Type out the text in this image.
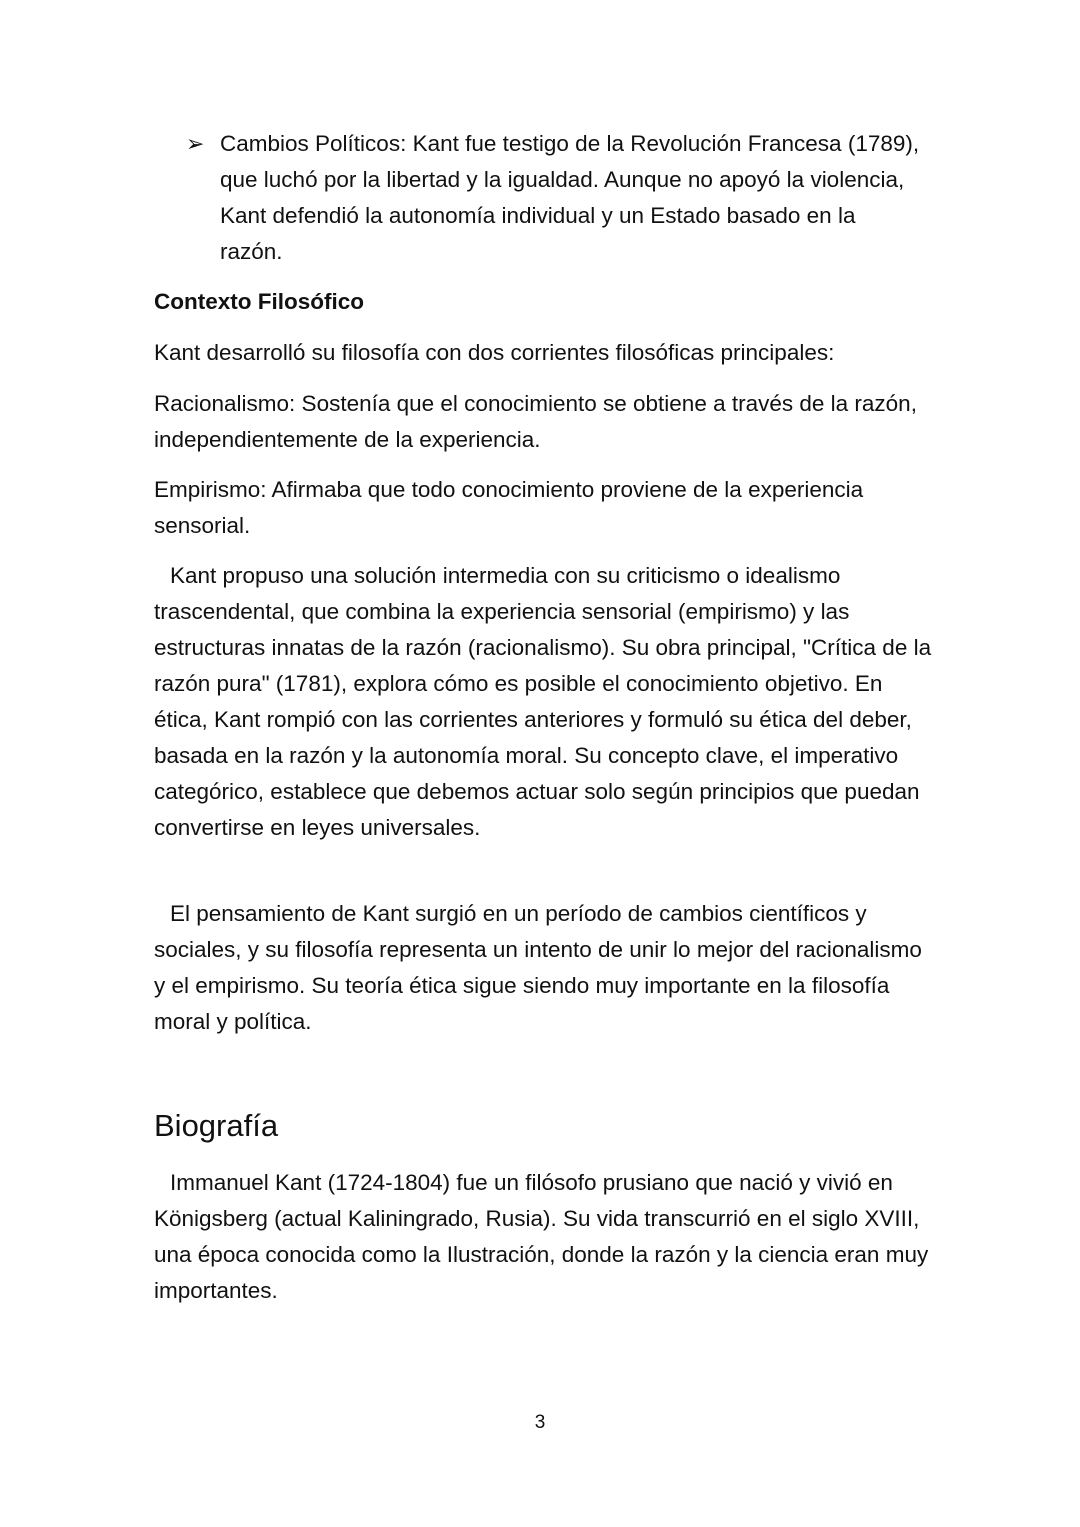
➢ Cambios Políticos: Kant fue testigo de la Revolución Francesa (1789), que luchó por la libertad y la igualdad. Aunque no apoyó la violencia, Kant defendió la autonomía individual y un Estado basado en la razón.

Contexto Filosófico

Kant desarrolló su filosofía con dos corrientes filosóficas principales:

Racionalismo: Sostenía que el conocimiento se obtiene a través de la razón, independientemente de la experiencia.

Empirismo: Afirmaba que todo conocimiento proviene de la experiencia sensorial.

Kant propuso una solución intermedia con su criticismo o idealismo trascendental, que combina la experiencia sensorial (empirismo) y las estructuras innatas de la razón (racionalismo). Su obra principal, "Crítica de la razón pura" (1781), explora cómo es posible el conocimiento objetivo. En ética, Kant rompió con las corrientes anteriores y formuló su ética del deber, basada en la razón y la autonomía moral. Su concepto clave, el imperativo categórico, establece que debemos actuar solo según principios que puedan convertirse en leyes universales.

El pensamiento de Kant surgió en un período de cambios científicos y sociales, y su filosofía representa un intento de unir lo mejor del racionalismo y el empirismo. Su teoría ética sigue siendo muy importante en la filosofía moral y política.

Biografía

Immanuel Kant (1724-1804) fue un filósofo prusiano que nació y vivió en Königsberg (actual Kaliningrado, Rusia). Su vida transcurrió en el siglo XVIII, una época conocida como la Ilustración, donde la razón y la ciencia eran muy importantes.

3
